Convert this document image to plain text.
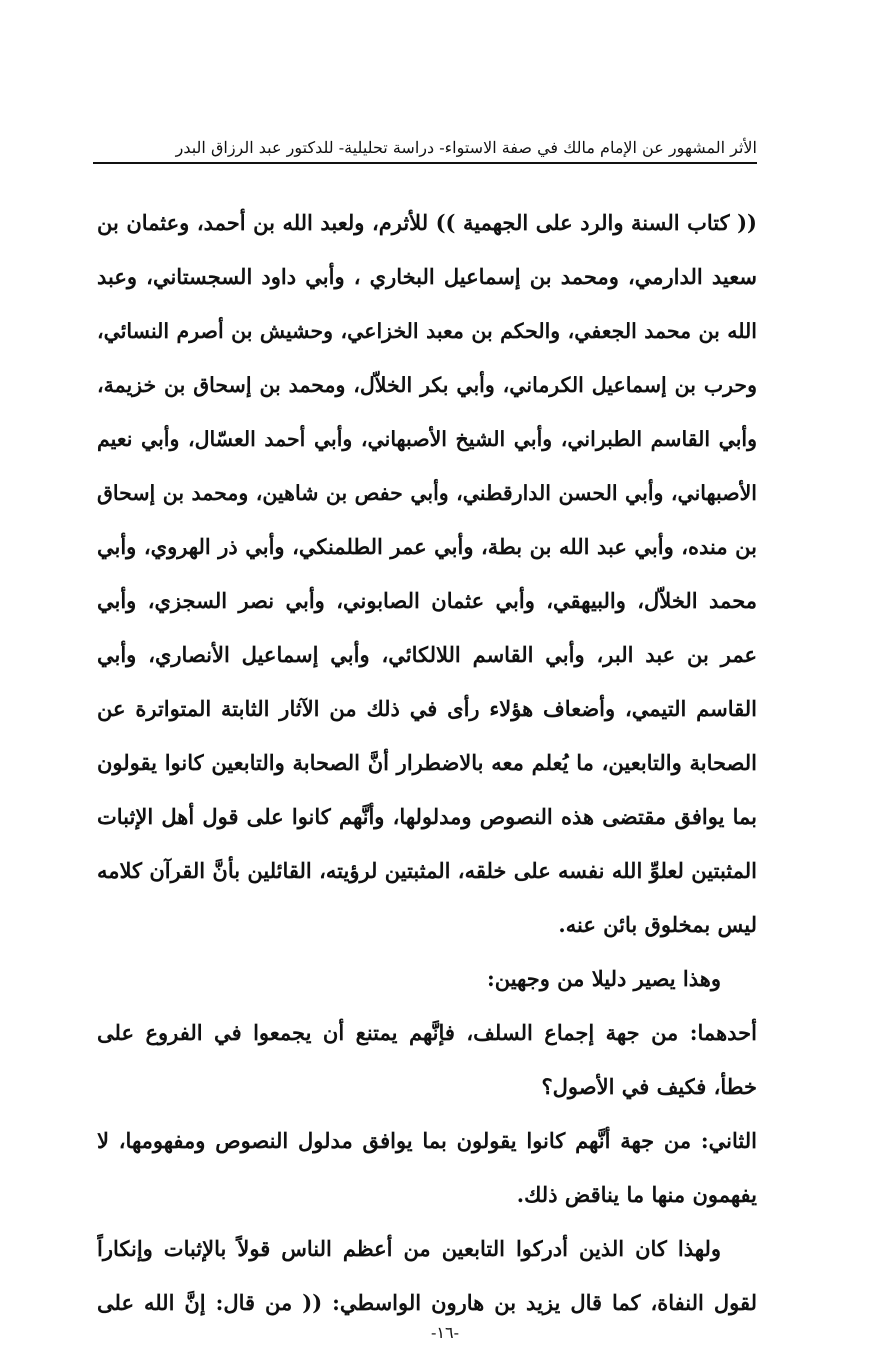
الأثر المشهور عن الإمام مالك في صفة الاستواء- دراسة تحليلية- للدكتور عبد الرزاق البدر
(( كتاب السنة والرد على الجهمية )) للأثرم، ولعبد الله بن أحمد، وعثمان بن
سعيد الدارمي، ومحمد بن إسماعيل البخاري ، وأبي داود السجستاني، وعبد
الله بن محمد الجعفي، والحكم بن معبد الخزاعي، وحشيش بن أصرم النسائي،
وحرب بن إسماعيل الكرماني، وأبي بكر الخلاّل، ومحمد بن إسحاق بن خزيمة،
وأبي القاسم الطبراني، وأبي الشيخ الأصبهاني، وأبي أحمد العسّال، وأبي نعيم
الأصبهاني، وأبي الحسن الدارقطني، وأبي حفص بن شاهين، ومحمد بن إسحاق
بن منده، وأبي عبد الله بن بطة، وأبي عمر الطلمنكي، وأبي ذر الهروي، وأبي
محمد الخلاّل، والبيهقي، وأبي عثمان الصابوني، وأبي نصر السجزي، وأبي
عمر بن عبد البر، وأبي القاسم اللالكائي، وأبي إسماعيل الأنصاري، وأبي
القاسم التيمي، وأضعاف هؤلاء رأى في ذلك من الآثار الثابتة المتواترة عن
الصحابة والتابعين، ما يُعلم معه بالاضطرار أنَّ الصحابة والتابعين كانوا يقولون
بما يوافق مقتضى هذه النصوص ومدلولها، وأنَّهم كانوا على قول أهل الإثبات
المثبتين لعلوِّ الله نفسه على خلقه، المثبتين لرؤيته، القائلين بأنَّ القرآن كلامه
ليس بمخلوق بائن عنه.
وهذا يصير دليلا من وجهين:
أحدهما: من جهة إجماع السلف، فإنَّهم يمتنع أن يجمعوا في الفروع على
خطأ، فكيف في الأصول؟
الثاني: من جهة أنَّهم كانوا يقولون بما يوافق مدلول النصوص ومفهومها، لا
يفهمون منها ما يناقض ذلك.
ولهذا كان الذين أدركوا التابعين من أعظم الناس قولاً بالإثبات وإنكاراً
لقول النفاة، كما قال يزيد بن هارون الواسطي: (( من قال: إنَّ الله على
-١٦-
